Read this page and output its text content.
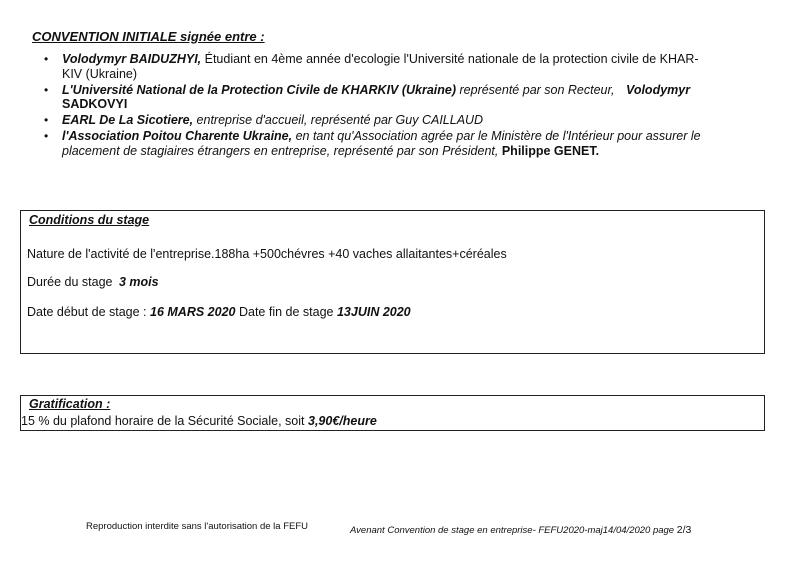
CONVENTION INITIALE signée entre :
• Volodymyr BAIDUZHYI, Étudiant en 4ème année d'ecologie l'Université nationale de la protection civile de KHAR-
KIV (Ukraine)
• L'Université National de la Protection Civile de KHARKIV (Ukraine) représenté par son Recteur, Volodymyr
SADKOVYI
• EARL De La Sicotiere, entreprise d'accueil, représenté par Guy CAILLAUD
• l'Association Poitou Charente Ukraine, en tant qu'Association agrée par le Ministère de l'Intérieur pour assurer le
placement de stagiaires étrangers en entreprise, représenté par son Président, Philippe GENET.
Conditions du stage
Nature de l'activité de l'entreprise.188ha +500chévres +40 vaches allaitantes+céréales
Durée du stage 3 mois
Date début de stage : 16 MARS 2020 Date fin de stage 13JUIN 2020
Gratification :
15 % du plafond horaire de la Sécurité Sociale, soit 3,90€/heure
Reproduction interdite sans l'autorisation de la FEFU	Avenant Convention de stage en entreprise- FEFU2020-maj14/04/2020 page 2/3
